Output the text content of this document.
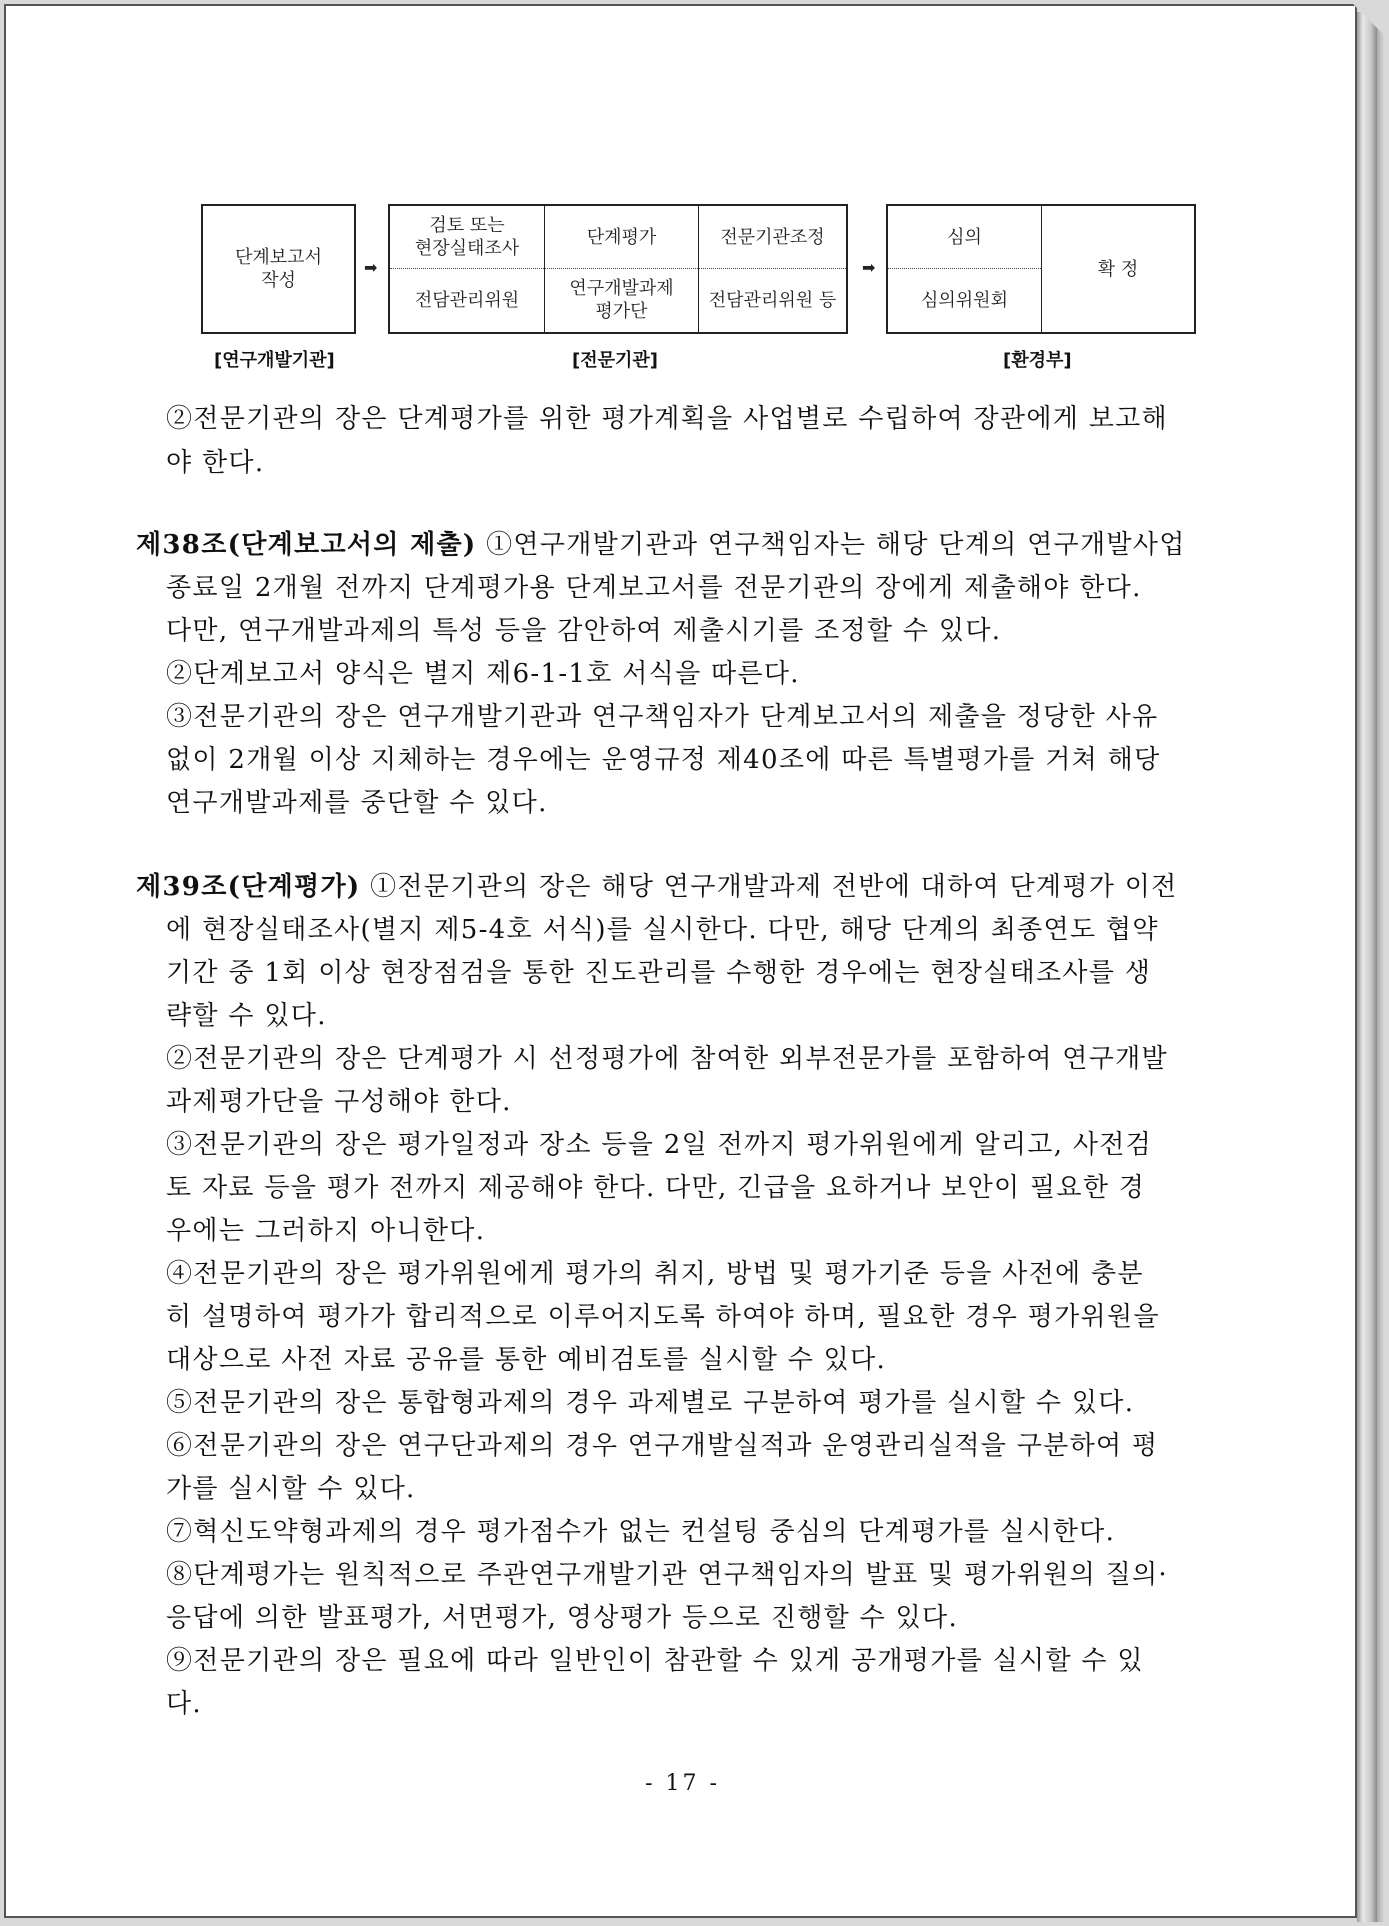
단계보고서
작성
➡
검토 또는
현장실태조사
전담관리위원
단계평가
연구개발과제
평가단
전문기관조정
전담관리위원 등
➡
심의
심의위원회
확 정
[연구개발기관]	[전문기관]	[환경부]
②전문기관의 장은 단계평가를 위한 평가계획을 사업별로 수립하여 장관에게 보고해
야 한다.
제38조(단계보고서의 제출) ①연구개발기관과 연구책임자는 해당 단계의 연구개발사업
종료일 2개월 전까지 단계평가용 단계보고서를 전문기관의 장에게 제출해야 한다.
다만, 연구개발과제의 특성 등을 감안하여 제출시기를 조정할 수 있다.
②단계보고서 양식은 별지 제6-1-1호 서식을 따른다.
③전문기관의 장은 연구개발기관과 연구책임자가 단계보고서의 제출을 정당한 사유
없이 2개월 이상 지체하는 경우에는 운영규정 제40조에 따른 특별평가를 거쳐 해당
연구개발과제를 중단할 수 있다.
제39조(단계평가) ①전문기관의 장은 해당 연구개발과제 전반에 대하여 단계평가 이전
에 현장실태조사(별지 제5-4호 서식)를 실시한다. 다만, 해당 단계의 최종연도 협약
기간 중 1회 이상 현장점검을 통한 진도관리를 수행한 경우에는 현장실태조사를 생
략할 수 있다.
②전문기관의 장은 단계평가 시 선정평가에 참여한 외부전문가를 포함하여 연구개발
과제평가단을 구성해야 한다.
③전문기관의 장은 평가일정과 장소 등을 2일 전까지 평가위원에게 알리고, 사전검
토 자료 등을 평가 전까지 제공해야 한다. 다만, 긴급을 요하거나 보안이 필요한 경
우에는 그러하지 아니한다.
④전문기관의 장은 평가위원에게 평가의 취지, 방법 및 평가기준 등을 사전에 충분
히 설명하여 평가가 합리적으로 이루어지도록 하여야 하며, 필요한 경우 평가위원을
대상으로 사전 자료 공유를 통한 예비검토를 실시할 수 있다.
⑤전문기관의 장은 통합형과제의 경우 과제별로 구분하여 평가를 실시할 수 있다.
⑥전문기관의 장은 연구단과제의 경우 연구개발실적과 운영관리실적을 구분하여 평
가를 실시할 수 있다.
⑦혁신도약형과제의 경우 평가점수가 없는 컨설팅 중심의 단계평가를 실시한다.
⑧단계평가는 원칙적으로 주관연구개발기관 연구책임자의 발표 및 평가위원의 질의·
응답에 의한 발표평가, 서면평가, 영상평가 등으로 진행할 수 있다.
⑨전문기관의 장은 필요에 따라 일반인이 참관할 수 있게 공개평가를 실시할 수 있
다.
- 17 -
